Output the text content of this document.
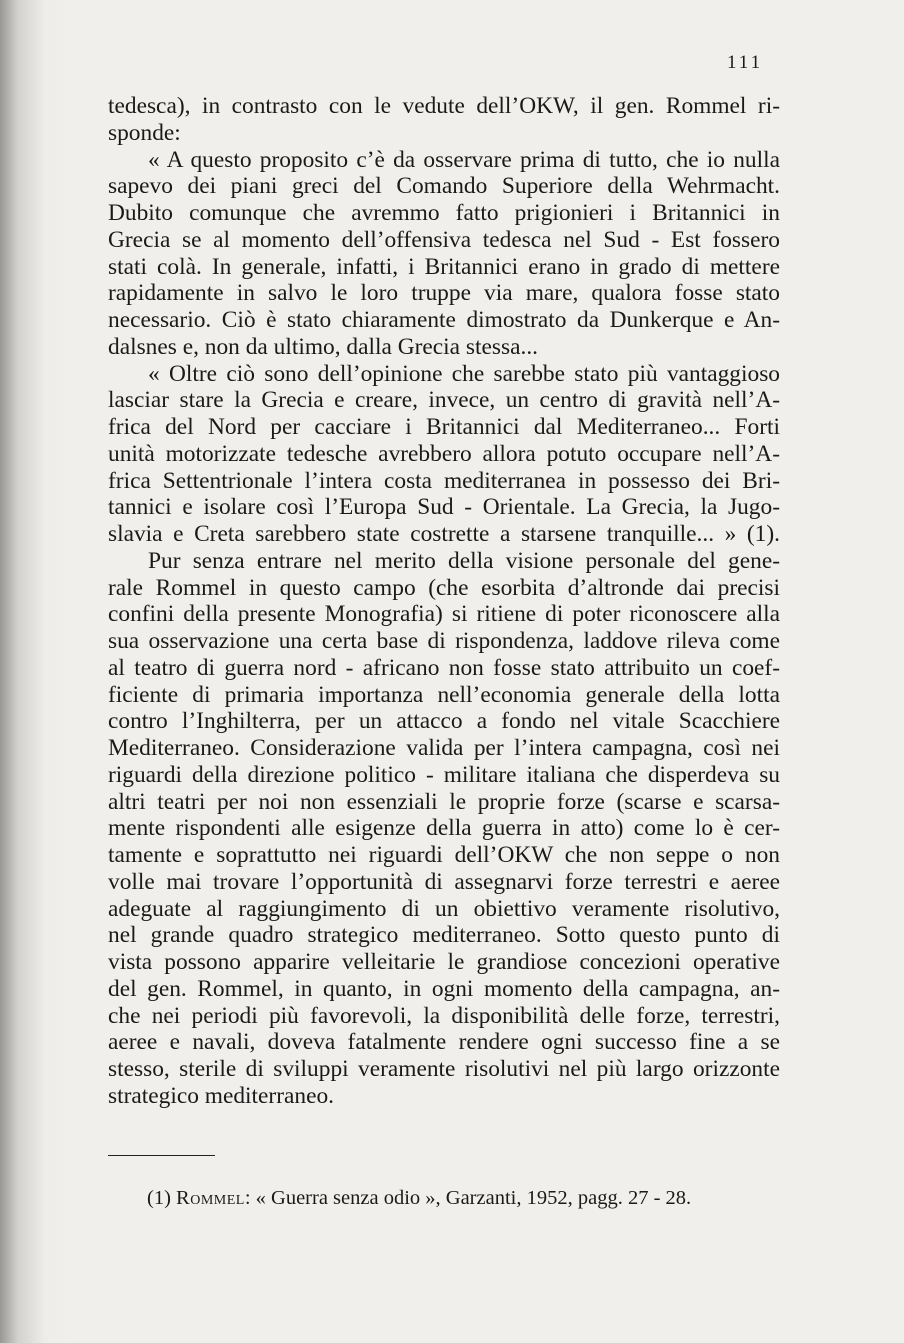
111
tedesca), in contrasto con le vedute dell’OKW, il gen. Rommel ri-
sponde:
« A questo proposito c’è da osservare prima di tutto, che io nulla
sapevo dei piani greci del Comando Superiore della Wehrmacht.
Dubito comunque che avremmo fatto prigionieri i Britannici in
Grecia se al momento dell’offensiva tedesca nel Sud - Est fossero
stati colà. In generale, infatti, i Britannici erano in grado di mettere
rapidamente in salvo le loro truppe via mare, qualora fosse stato
necessario. Ciò è stato chiaramente dimostrato da Dunkerque e An-
dalsnes e, non da ultimo, dalla Grecia stessa...
« Oltre ciò sono dell’opinione che sarebbe stato più vantaggioso
lasciar stare la Grecia e creare, invece, un centro di gravità nell’A-
frica del Nord per cacciare i Britannici dal Mediterraneo... Forti
unità motorizzate tedesche avrebbero allora potuto occupare nell’A-
frica Settentrionale l’intera costa mediterranea in possesso dei Bri-
tannici e isolare così l’Europa Sud - Orientale. La Grecia, la Jugo-
slavia e Creta sarebbero state costrette a starsene tranquille... » (1).
Pur senza entrare nel merito della visione personale del gene-
rale Rommel in questo campo (che esorbita d’altronde dai precisi
confini della presente Monografia) si ritiene di poter riconoscere alla
sua osservazione una certa base di rispondenza, laddove rileva come
al teatro di guerra nord - africano non fosse stato attribuito un coef-
ficiente di primaria importanza nell’economia generale della lotta
contro l’Inghilterra, per un attacco a fondo nel vitale Scacchiere
Mediterraneo. Considerazione valida per l’intera campagna, così nei
riguardi della direzione politico - militare italiana che disperdeva su
altri teatri per noi non essenziali le proprie forze (scarse e scarsa-
mente rispondenti alle esigenze della guerra in atto) come lo è cer-
tamente e soprattutto nei riguardi dell’OKW che non seppe o non
volle mai trovare l’opportunità di assegnarvi forze terrestri e aeree
adeguate al raggiungimento di un obiettivo veramente risolutivo,
nel grande quadro strategico mediterraneo. Sotto questo punto di
vista possono apparire velleitarie le grandiose concezioni operative
del gen. Rommel, in quanto, in ogni momento della campagna, an-
che nei periodi più favorevoli, la disponibilità delle forze, terrestri,
aeree e navali, doveva fatalmente rendere ogni successo fine a se
stesso, sterile di sviluppi veramente risolutivi nel più largo orizzonte
strategico mediterraneo.
(1) Rommel: « Guerra senza odio », Garzanti, 1952, pagg. 27 - 28.
